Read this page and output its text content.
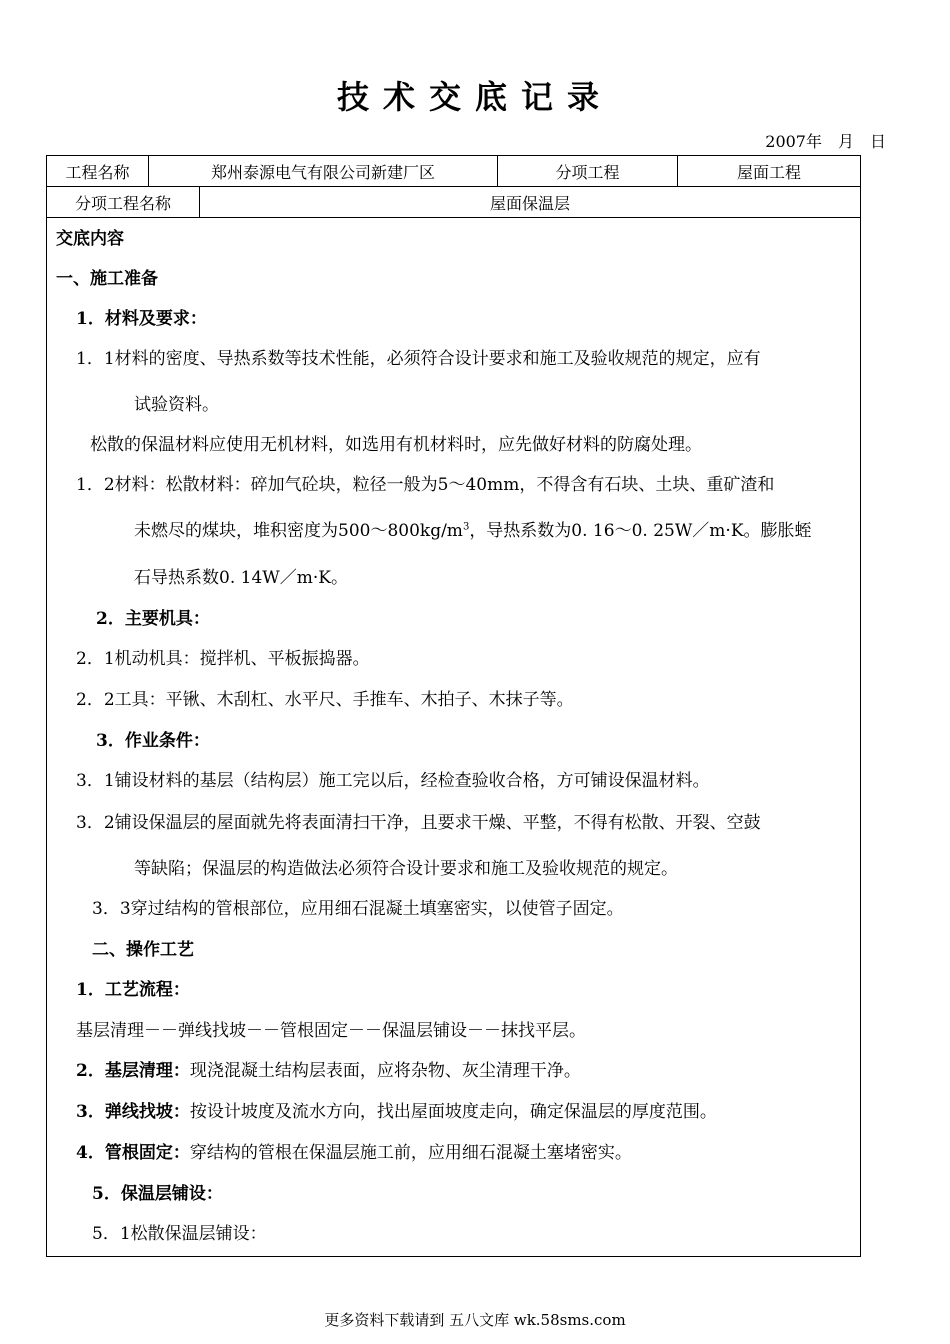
技术交底记录
2007年　月　日
工程名称	郑州泰源电气有限公司新建厂区	分项工程	屋面工程
分项工程名称	屋面保温层
交底内容
一、施工准备
1．材料及要求：
1．1材料的密度、导热系数等技术性能，必须符合设计要求和施工及验收规范的规定，应有
试验资料。
松散的保温材料应使用无机材料，如选用有机材料时，应先做好材料的防腐处理。
1．2材料：松散材料：碎加气砼块，粒径一般为5～40mm，不得含有石块、土块、重矿渣和
未燃尽的煤块，堆积密度为$500\sim 800kg/m^3$，导热系数为0. 16～0. 25W／m·K。膨胀蛭
石导热系数0. 14W／m·K。
2．主要机具：
2．1机动机具：搅拌机、平板振捣器。
2．2工具：平锹、木刮杠、水平尺、手推车、木拍子、木抹子等。
3．作业条件：
3．1铺设材料的基层（结构层）施工完以后，经检查验收合格，方可铺设保温材料。
3．2铺设保温层的屋面就先将表面清扫干净，且要求干燥、平整，不得有松散、开裂、空鼓
等缺陷；保温层的构造做法必须符合设计要求和施工及验收规范的规定。
3．3穿过结构的管根部位，应用细石混凝土填塞密实，以使管子固定。
二、操作工艺
1．工艺流程：
基层清理－－弹线找坡－－管根固定－－保温层铺设－－抹找平层。
2．基层清理：现浇混凝土结构层表面，应将杂物、灰尘清理干净。
3．弹线找坡：按设计坡度及流水方向，找出屋面坡度走向，确定保温层的厚度范围。
4．管根固定：穿结构的管根在保温层施工前，应用细石混凝土塞堵密实。
5．保温层铺设：
5．1松散保温层铺设：
更多资料下载请到 五八文库 wk.58sms.com
